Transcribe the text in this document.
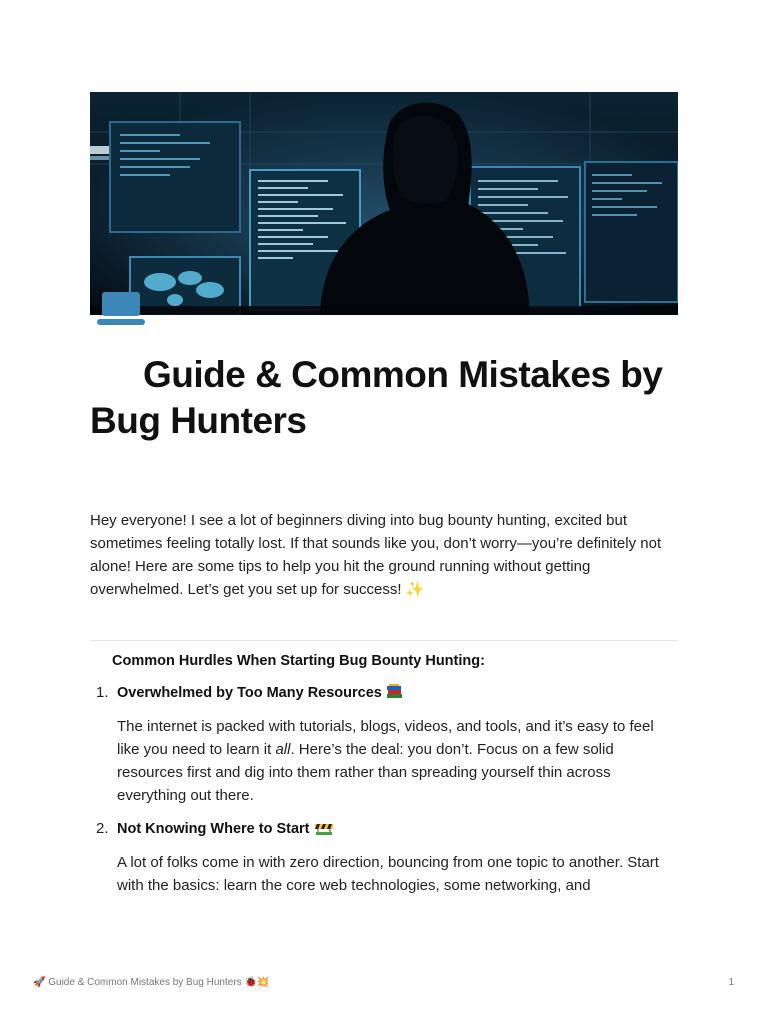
Guide & Common Mistakes by Bug Hunters

Hey everyone! I see a lot of beginners diving into bug bounty hunting, excited but sometimes feeling totally lost. If that sounds like you, don’t worry—you’re definitely not alone! Here are some tips to help you hit the ground running without getting overwhelmed. Let’s get you set up for success! ✨

Common Hurdles When Starting Bug Bounty Hunting:
1. Overwhelmed by Too Many Resources

The internet is packed with tutorials, blogs, videos, and tools, and it’s easy to feel like you need to learn it all. Here’s the deal: you don’t. Focus on a few solid resources first and dig into them rather than spreading yourself thin across everything out there.

2. Not Knowing Where to Start

A lot of folks come in with zero direction, bouncing from one topic to another. Start with the basics: learn the core web technologies, some networking, and

🚀 Guide & Common Mistakes by Bug Hunters 🐞💥	1
